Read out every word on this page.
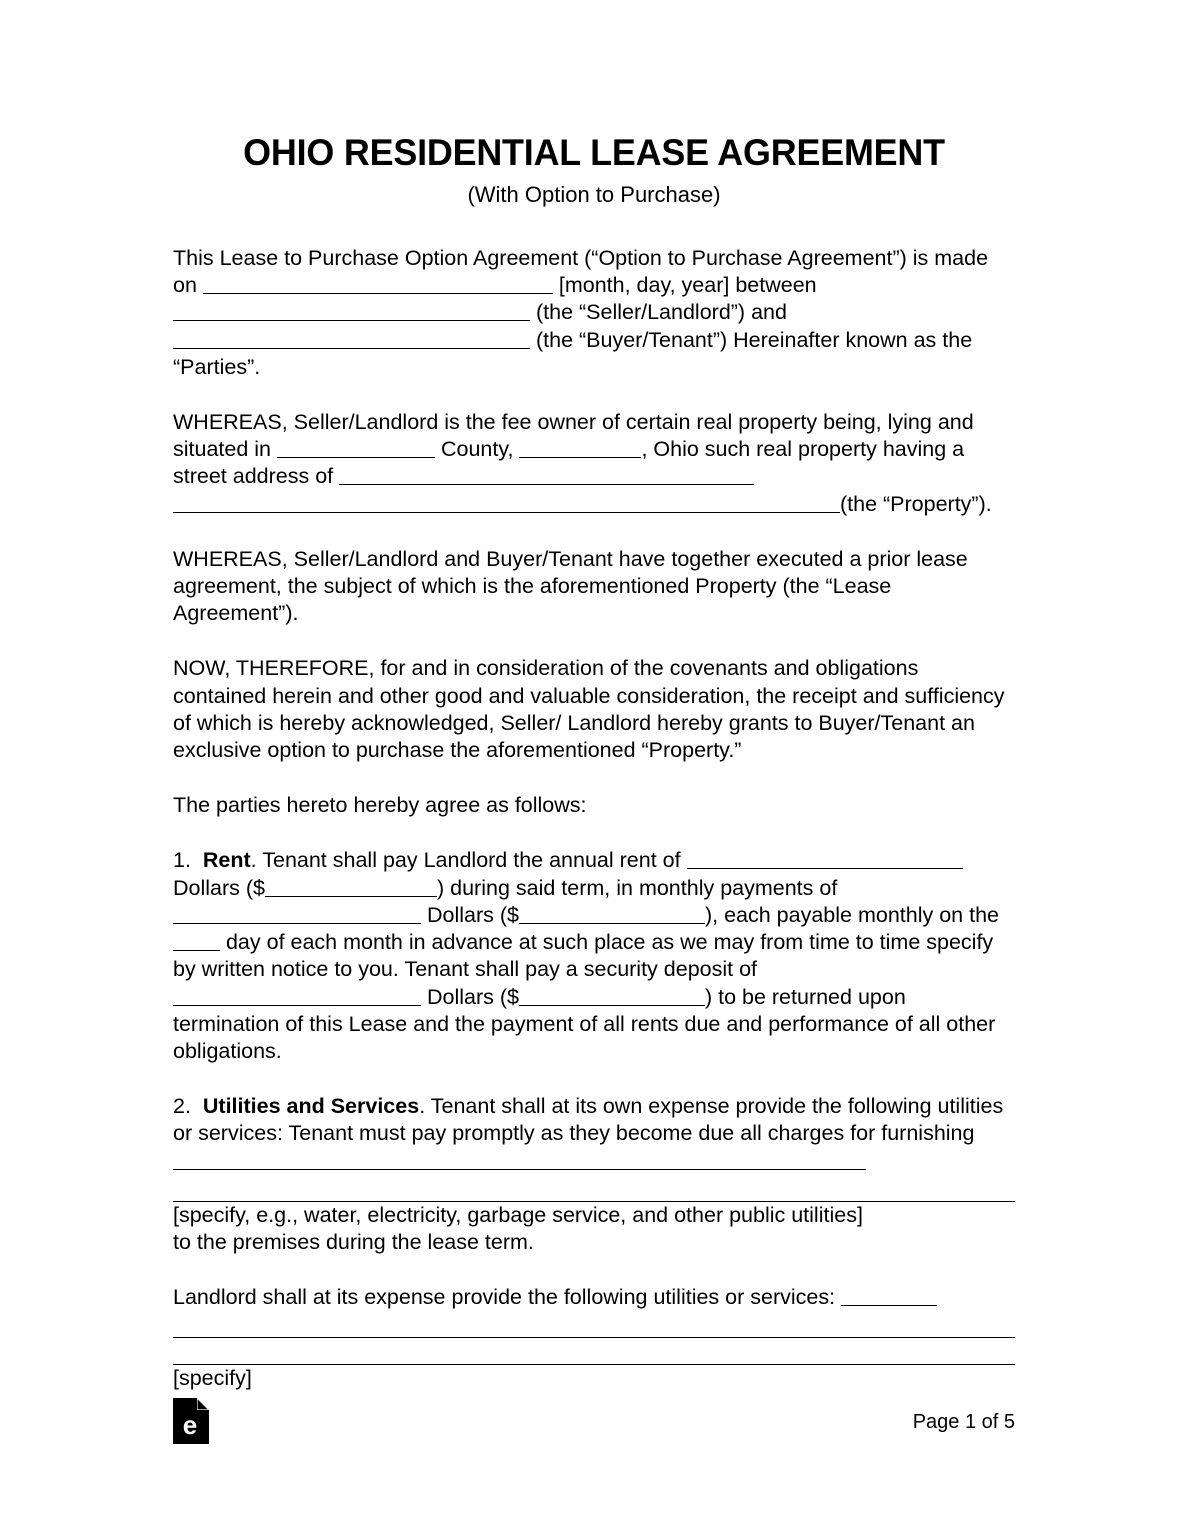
OHIO RESIDENTIAL LEASE AGREEMENT
(With Option to Purchase)
This Lease to Purchase Option Agreement (“Option to Purchase Agreement”) is made on	[month, day, year] between
(the “Seller/Landlord”) and
(the “Buyer/Tenant”) Hereinafter known as the “Parties”.
WHEREAS, Seller/Landlord is the fee owner of certain real property being, lying and situated in	County,	, Ohio such real property having a street address of
(the “Property”).
WHEREAS, Seller/Landlord and Buyer/Tenant have together executed a prior lease agreement, the subject of which is the aforementioned Property (the “Lease Agreement”).
NOW, THEREFORE, for and in consideration of the covenants and obligations contained herein and other good and valuable consideration, the receipt and sufficiency of which is hereby acknowledged, Seller/ Landlord hereby grants to Buyer/Tenant an exclusive option to purchase the aforementioned “Property.”
The parties hereto hereby agree as follows:
1. Rent. Tenant shall pay Landlord the annual rent of
Dollars ($	) during said term, in monthly payments of
Dollars ($	), each payable monthly on the  day of each month in advance at such place as we may from time to time specify by written notice to you. Tenant shall pay a security deposit of
Dollars ($	) to be returned upon termination of this Lease and the payment of all rents due and performance of all other obligations.
2. Utilities and Services. Tenant shall at its own expense provide the following utilities or services: Tenant must pay promptly as they become due all charges for furnishing
[specify, e.g., water, electricity, garbage service, and other public utilities]
to the premises during the lease term.
Landlord shall at its expense provide the following utilities or services:
[specify]
e	Page 1 of 5
